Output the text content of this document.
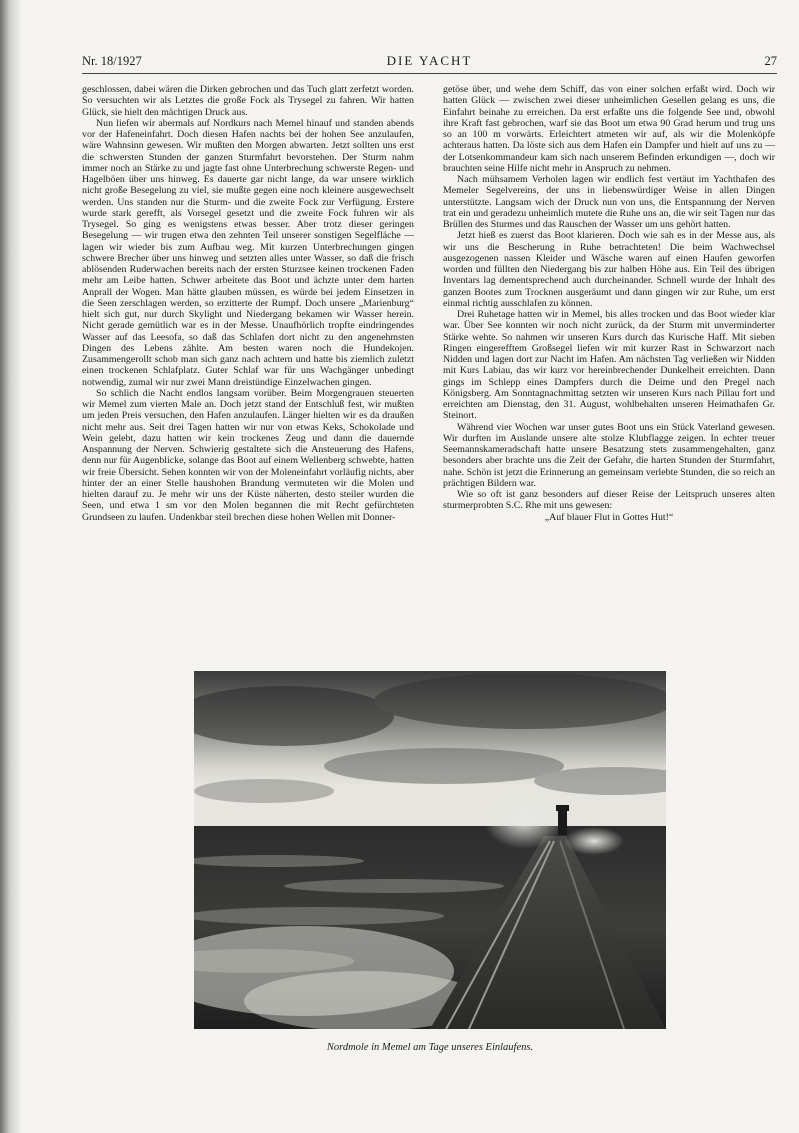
Nr. 18/1927	DIE YACHT	27

geschlossen, dabei wären die Dirken gebrochen und das Tuch glatt zerfetzt worden. So versuchten wir als Letztes die große Fock als Trysegel zu fahren. Wir hatten Glück, sie hielt den mächtigen Druck aus.

Nun liefen wir abermals auf Nordkurs nach Memel hinauf und standen abends vor der Hafeneinfahrt. Doch diesen Hafen nachts bei der hohen See anzulaufen, wäre Wahnsinn gewesen. Wir mußten den Morgen abwarten. Jetzt sollten uns erst die schwersten Stunden der ganzen Sturmfahrt bevorstehen. Der Sturm nahm immer noch an Stärke zu und jagte fast ohne Unterbrechung schwerste Regen- und Hagelböen über uns hinweg. Es dauerte gar nicht lange, da war unsere wirklich nicht große Besegelung zu viel, sie mußte gegen eine noch kleinere ausgewechselt werden. Uns standen nur die Sturm- und die zweite Fock zur Verfügung. Erstere wurde stark gerefft, als Vorsegel gesetzt und die zweite Fock fuhren wir als Trysegel. So ging es wenigstens etwas besser. Aber trotz dieser geringen Besegelung — wir trugen etwa den zehnten Teil unserer sonstigen Segelfläche — lagen wir wieder bis zum Aufbau weg. Mit kurzen Unterbrechungen gingen schwere Brecher über uns hinweg und setzten alles unter Wasser, so daß die frisch ablösenden Ruderwachen bereits nach der ersten Sturzsee keinen trockenen Faden mehr am Leibe hatten. Schwer arbeitete das Boot und ächzte unter dem harten Anprall der Wogen. Man hätte glauben müssen, es würde bei jedem Einsetzen in die Seen zerschlagen werden, so erzitterte der Rumpf. Doch unsere „Marienburg“ hielt sich gut, nur durch Skylight und Niedergang bekamen wir Wasser herein. Nicht gerade gemütlich war es in der Messe. Unaufhörlich tropfte eindringendes Wasser auf das Leesofa, so daß das Schlafen dort nicht zu den angenehmsten Dingen des Lebens zählte. Am besten waren noch die Hundekojen. Zusammengerollt schob man sich ganz nach achtern und hatte bis ziemlich zuletzt einen trockenen Schlafplatz. Guter Schlaf war für uns Wachgänger unbedingt notwendig, zumal wir nur zwei Mann dreistündige Einzelwachen gingen.

So schlich die Nacht endlos langsam vorüber. Beim Morgengrauen steuerten wir Memel zum vierten Male an. Doch jetzt stand der Entschluß fest, wir mußten um jeden Preis versuchen, den Hafen anzulaufen. Länger hielten wir es da draußen nicht mehr aus. Seit drei Tagen hatten wir nur von etwas Keks, Schokolade und Wein gelebt, dazu hatten wir kein trockenes Zeug und dann die dauernde Anspannung der Nerven. Schwierig gestaltete sich die Ansteuerung des Hafens, denn nur für Augenblicke, solange das Boot auf einem Wellenberg schwebte, hatten wir freie Übersicht. Sehen konnten wir von der Moleneinfahrt vorläufig nichts, aber hinter der an einer Stelle haushohen Brandung vermuteten wir die Molen und hielten darauf zu. Je mehr wir uns der Küste näherten, desto steiler wurden die Seen, und etwa 1 sm vor den Molen begannen die mit Recht gefürchteten Grundseen zu laufen. Undenkbar steil brechen diese hohen Wellen mit Donner-

getöse über, und wehe dem Schiff, das von einer solchen erfaßt wird. Doch wir hatten Glück — zwischen zwei dieser unheimlichen Gesellen gelang es uns, die Einfahrt beinahe zu erreichen. Da erst erfaßte uns die folgende See und, obwohl ihre Kraft fast gebrochen, warf sie das Boot um etwa 90 Grad herum und trug uns so an 100 m vorwärts. Erleichtert atmeten wir auf, als wir die Molenköpfe achteraus hatten. Da löste sich aus dem Hafen ein Dampfer und hielt auf uns zu — der Lotsenkommandeur kam sich nach unserem Befinden erkundigen —, doch wir brauchten seine Hilfe nicht mehr in Anspruch zu nehmen.

Nach mühsamem Verholen lagen wir endlich fest vertäut im Yachthafen des Memeler Segelvereins, der uns in liebenswürdiger Weise in allen Dingen unterstützte. Langsam wich der Druck nun von uns, die Entspannung der Nerven trat ein und geradezu unheimlich mutete die Ruhe uns an, die wir seit Tagen nur das Brüllen des Sturmes und das Rauschen der Wasser um uns gehört hatten.

Jetzt hieß es zuerst das Boot klarieren. Doch wie sah es in der Messe aus, als wir uns die Bescherung in Ruhe betrachteten! Die beim Wachwechsel ausgezogenen nassen Kleider und Wäsche waren auf einen Haufen geworfen worden und füllten den Niedergang bis zur halben Höhe aus. Ein Teil des übrigen Inventars lag dementsprechend auch durcheinander. Schnell wurde der Inhalt des ganzen Bootes zum Trocknen ausgeräumt und dann gingen wir zur Ruhe, um erst einmal richtig ausschlafen zu können.

Drei Ruhetage hatten wir in Memel, bis alles trocken und das Boot wieder klar war. Über See konnten wir noch nicht zurück, da der Sturm mit unverminderter Stärke wehte. So nahmen wir unseren Kurs durch das Kurische Haff. Mit sieben Ringen eingerefftem Großsegel liefen wir mit kurzer Rast in Schwarzort nach Nidden und lagen dort zur Nacht im Hafen. Am nächsten Tag verließen wir Nidden mit Kurs Labiau, das wir kurz vor hereinbrechender Dunkelheit erreichten. Dann gings im Schlepp eines Dampfers durch die Deime und den Pregel nach Königsberg. Am Sonntagnachmittag setzten wir unseren Kurs nach Pillau fort und erreichten am Dienstag, den 31. August, wohlbehalten unseren Heimathafen Gr. Steinort.

Während vier Wochen war unser gutes Boot uns ein Stück Vaterland gewesen. Wir durften im Auslande unsere alte stolze Klubflagge zeigen. In echter treuer Seemannskameradschaft hatte unsere Besatzung stets zusammengehalten, ganz besonders aber brachte uns die Zeit der Gefahr, die harten Stunden der Sturmfahrt, nahe. Schön ist jetzt die Erinnerung an gemeinsam verlebte Stunden, die so reich an prächtigen Bildern war.

Wie so oft ist ganz besonders auf dieser Reise der Leitspruch unseres alten sturmerprobten S.C. Rhe mit uns gewesen:

„Auf blauer Flut in Gottes Hut!“

Nordmole in Memel am Tage unseres Einlaufens.
